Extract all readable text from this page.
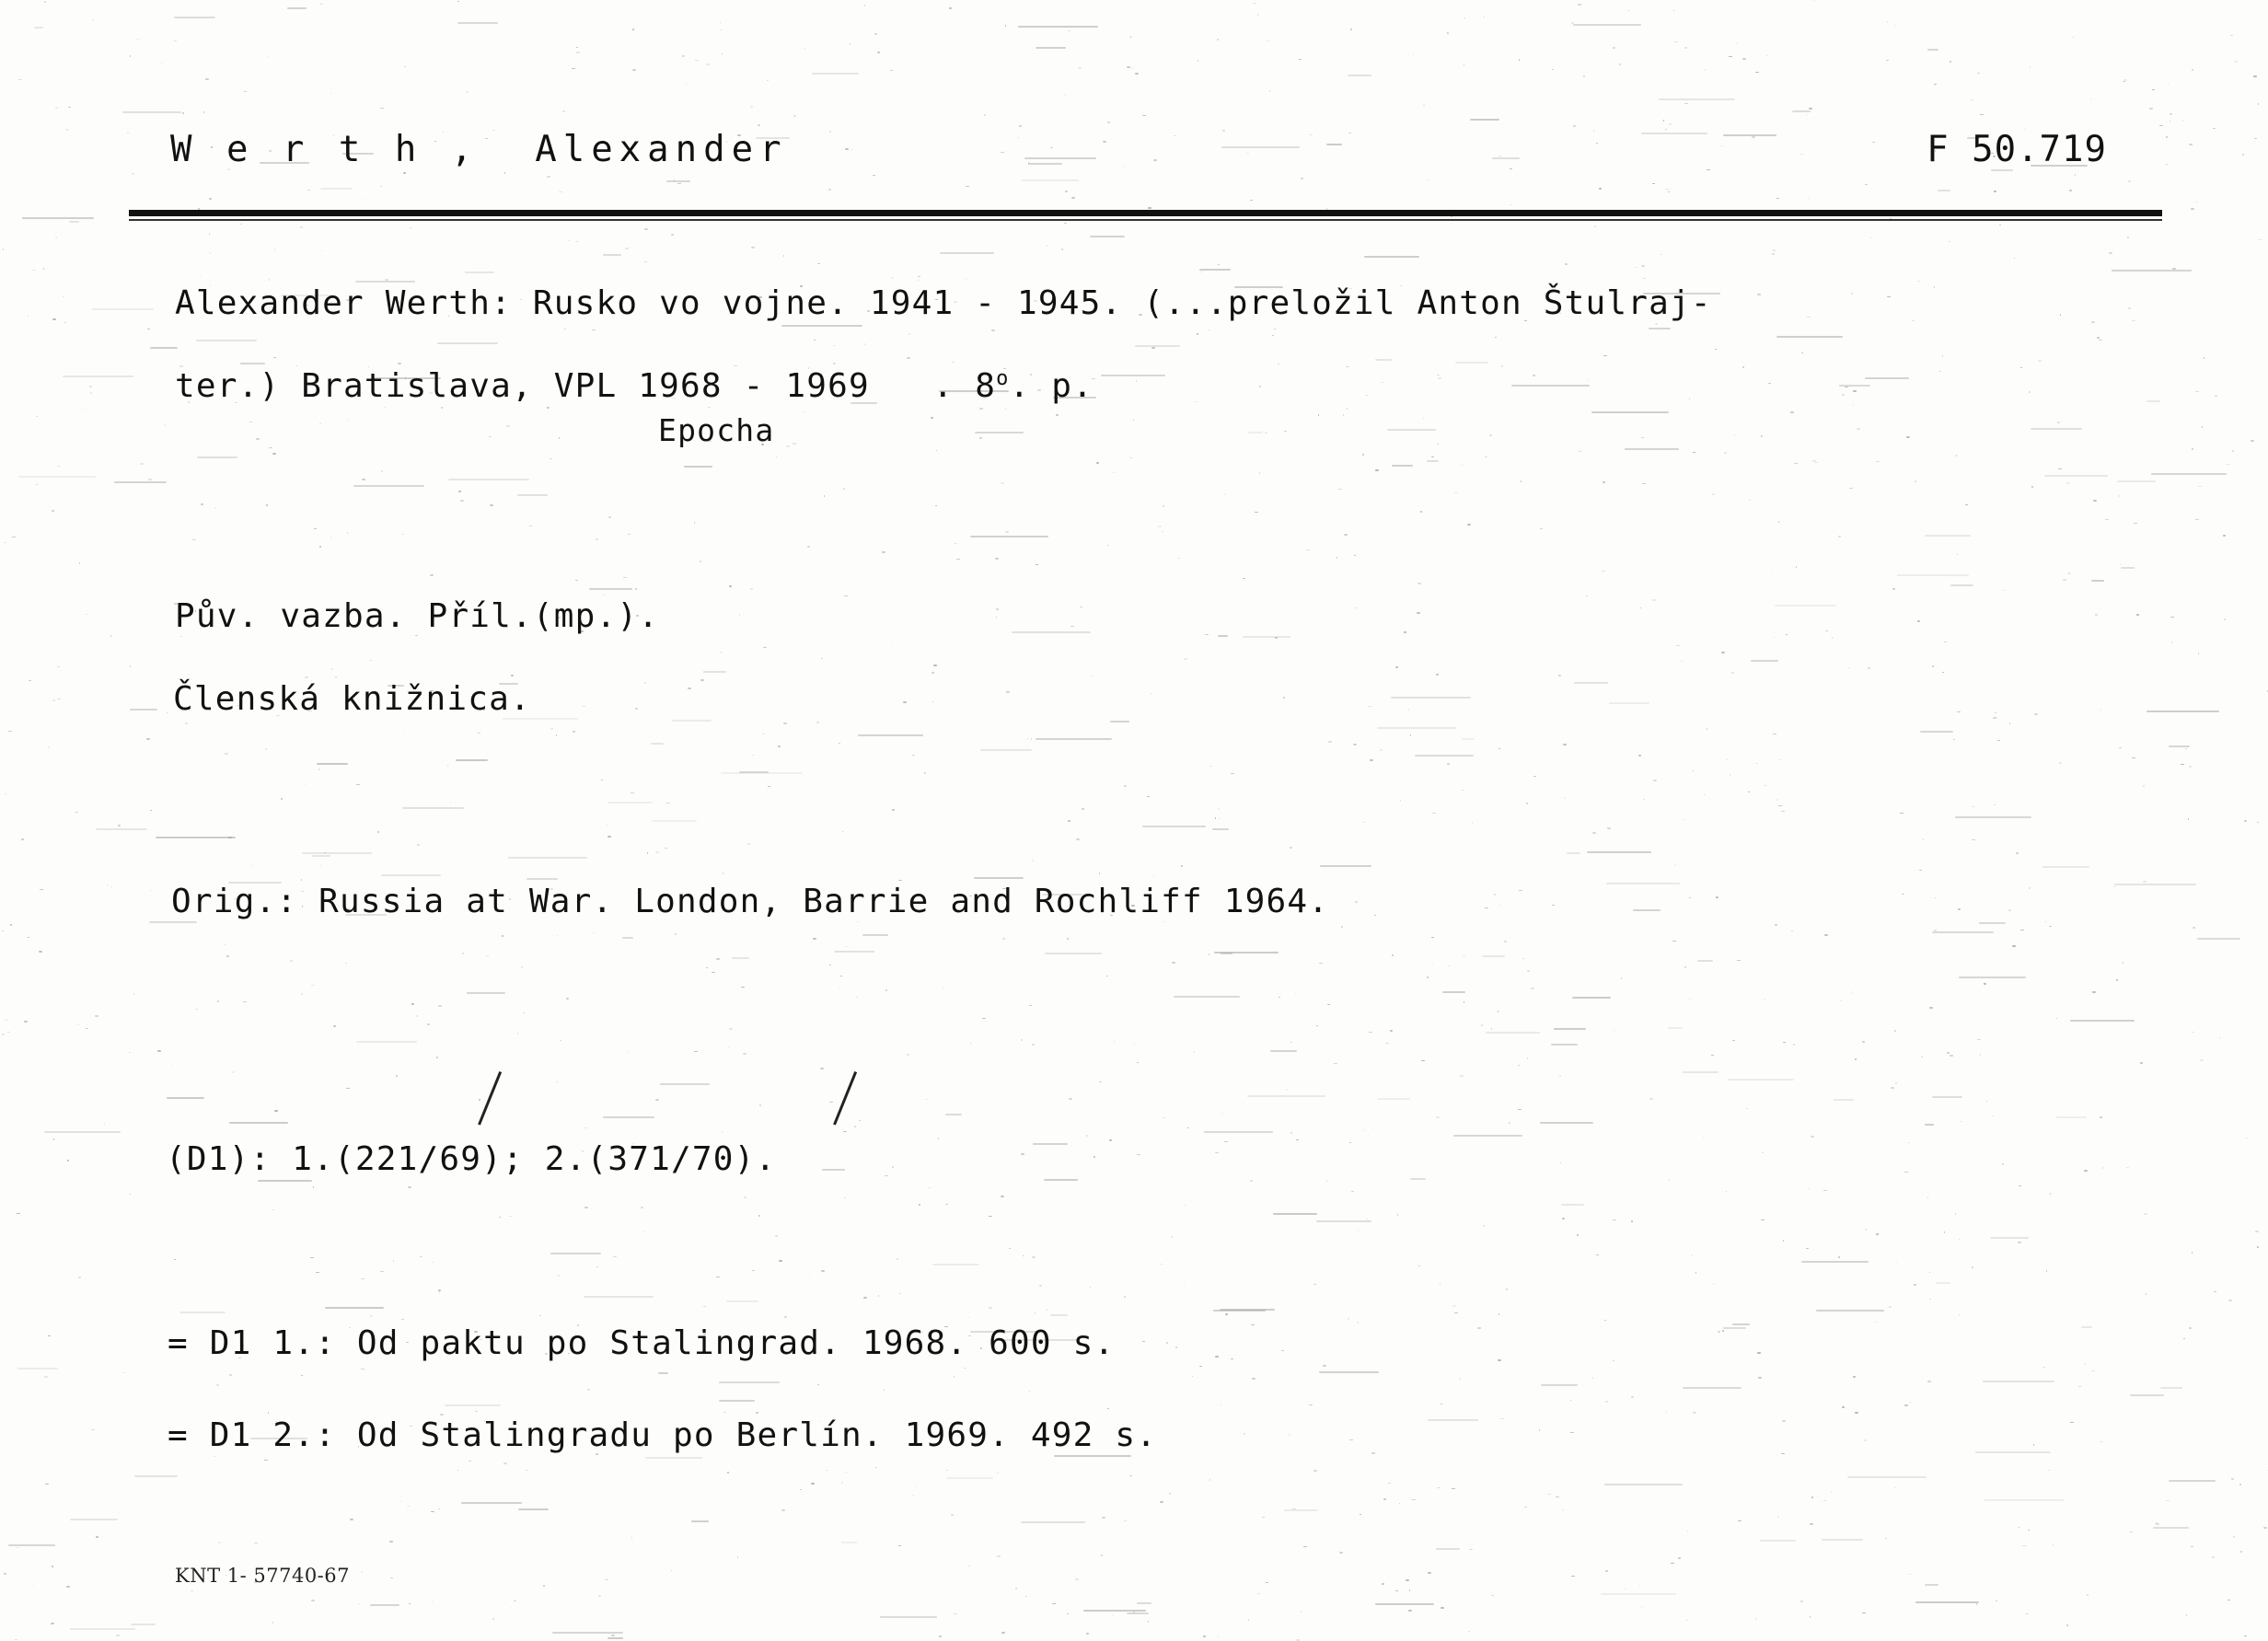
W e r t h ,  Alexander	F 50.719
Alexander Werth: Rusko vo vojne. 1941 - 1945. (...preložil Anton Štulraj-
ter.) Bratislava, VPL 1968 - 1969   . 8$^o$. p.
Epocha
Pův. vazba. Příl.(mp.).
Členská knižnica.
Orig.: Russia at War. London, Barrie and Rochliff 1964.
(D1): 1.(221/69); 2.(371/70).
= D1 1.: Od paktu po Stalingrad. 1968. 600 s.
= D1 2.: Od Stalingradu po Berlín. 1969. 492 s.
KNT 1- 57740-67
